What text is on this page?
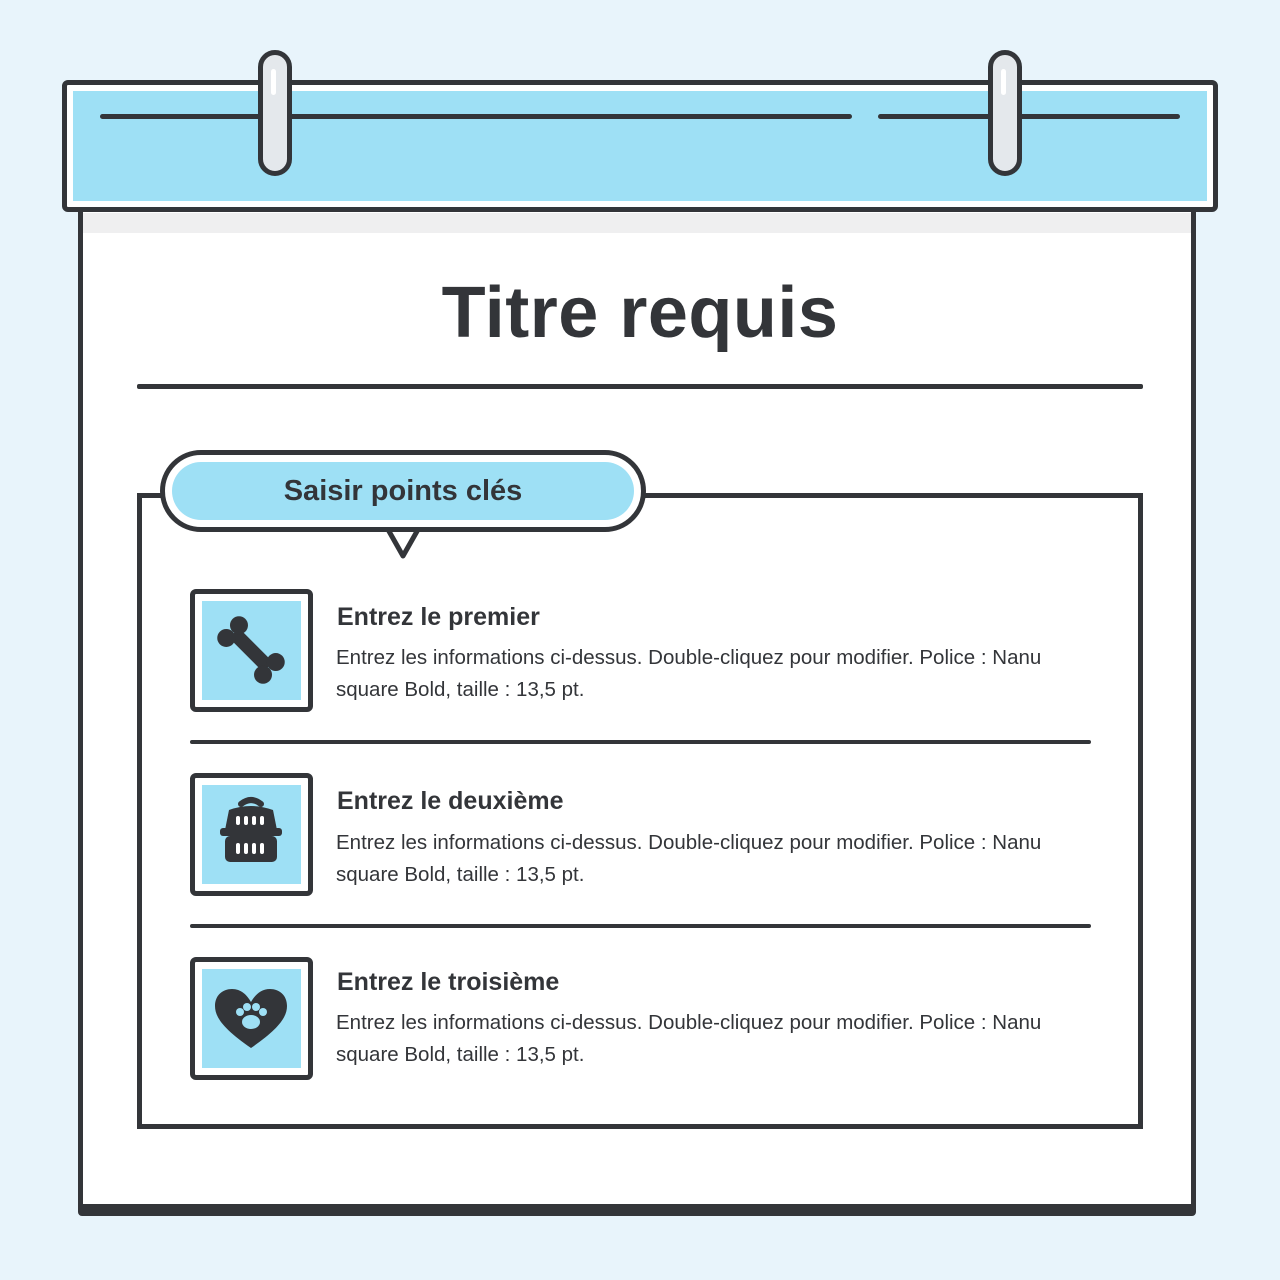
Titre requis
Saisir points clés
Entrez le premier
Entrez les informations ci-dessus. Double-cliquez pour modifier. Police : Nanu square Bold, taille : 13,5 pt.
Entrez le deuxième
Entrez les informations ci-dessus. Double-cliquez pour modifier. Police : Nanu square Bold, taille : 13,5 pt.
Entrez le troisième
Entrez les informations ci-dessus. Double-cliquez pour modifier. Police : Nanu square Bold, taille : 13,5 pt.
